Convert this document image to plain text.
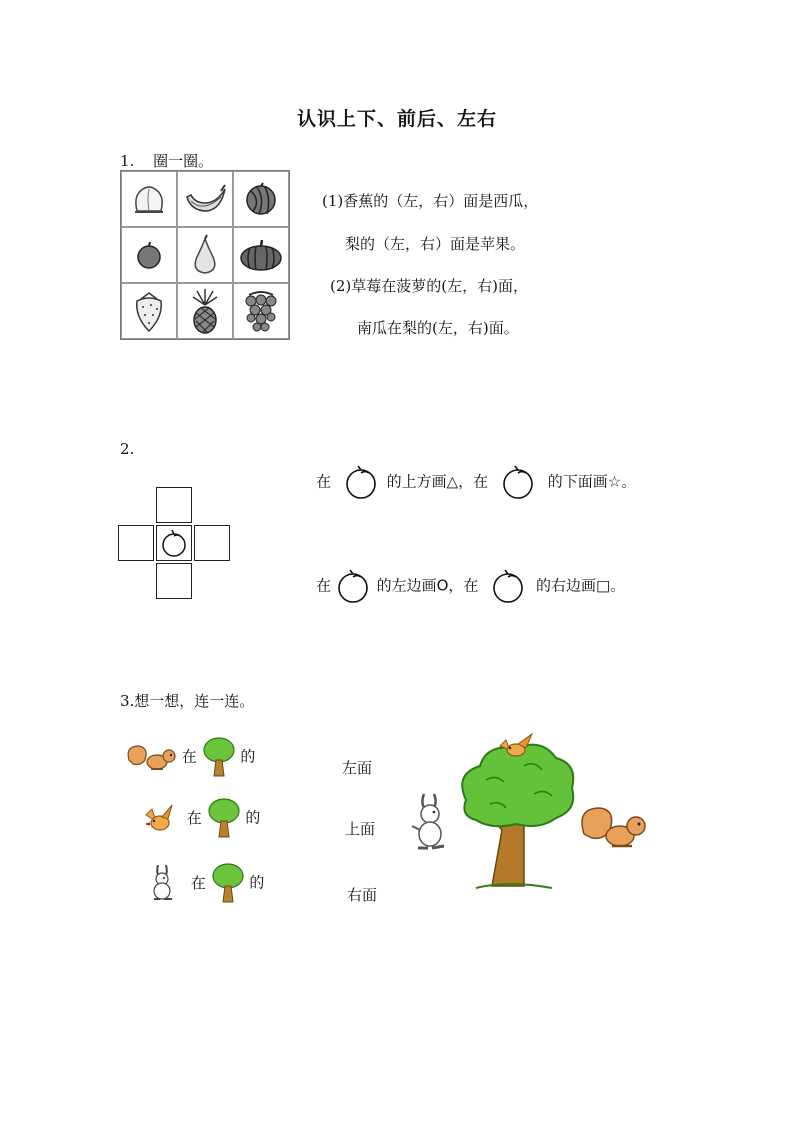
认识上下、前后、左右
1. 圈一圈。
(1)香蕉的（左，右）面是西瓜，
梨的（左，右）面是苹果。
(2)草莓在菠萝的(左，右)面，
南瓜在梨的(左，右)面。
2.
在	的上方画△，在	的下面画☆。
在	的左边画O，在	的右边画□。
3.想一想，连一连。
在	的
左面
在	的
上面
在	的
右面
